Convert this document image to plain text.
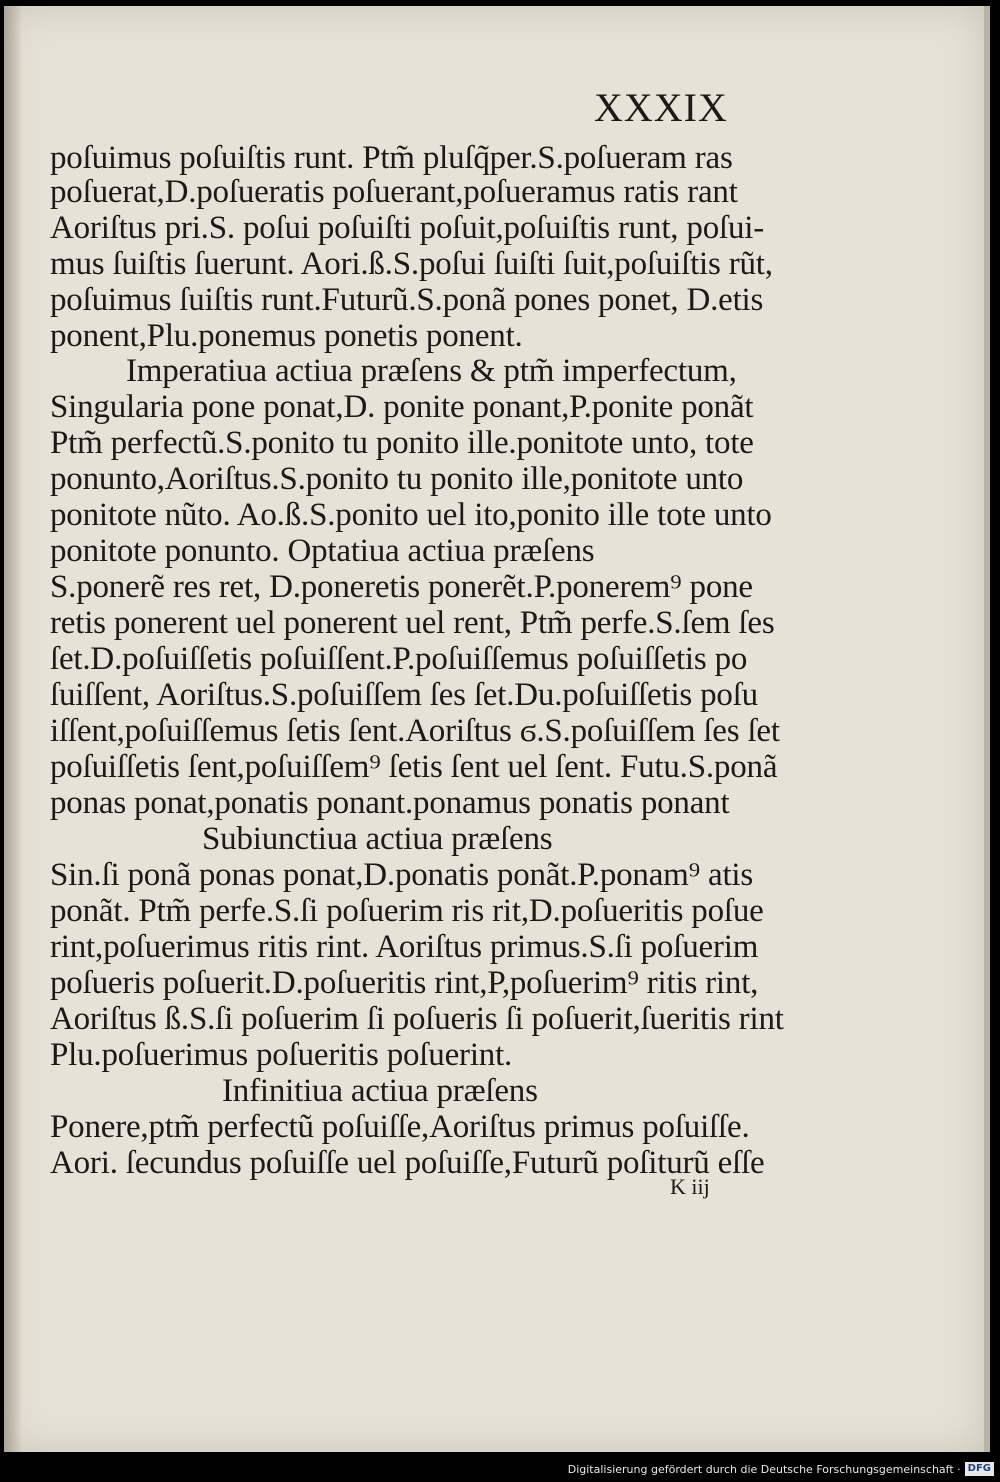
XXXIX
poſuimus poſuiſtis runt. Ptm̃ pluſq̃per.S.poſueram ras
poſuerat,D.poſueratis poſuerant,poſueramus ratis rant
Aoriſtus pri.S. poſui poſuiſti poſuit,poſuiſtis runt, poſui-
mus ſuiſtis ſuerunt. Aori.ß.S.poſui ſuiſti ſuit,poſuiſtis rũt,
poſuimus ſuiſtis runt.Futurũ.S.ponã pones ponet, D.etis
ponent,Plu.ponemus ponetis ponent.
Imperatiua actiua præſens & ptm̃ imperfectum,
Singularia pone ponat,D. ponite ponant,P.ponite ponãt
Ptm̃ perfectũ.S.ponito tu ponito ille.ponitote unto, tote
ponunto,Aoriſtus.S.ponito tu ponito ille,ponitote unto
ponitote nũto. Ao.ß.S.ponito uel ito,ponito ille tote unto
ponitote ponunto. Optatiua actiua præſens
S.ponerẽ res ret, D.poneretis ponerẽt.P.ponerem⁹ pone
retis ponerent uel ponerent uel rent, Ptm̃ perfe.S.ſem ſes
ſet.D.poſuiſſetis poſuiſſent.P.poſuiſſemus poſuiſſetis po
ſuiſſent, Aoriſtus.S.poſuiſſem ſes ſet.Du.poſuiſſetis poſu
iſſent,poſuiſſemus ſetis ſent.Aoriſtus ϭ.S.poſuiſſem ſes ſet
poſuiſſetis ſent,poſuiſſem⁹ ſetis ſent uel ſent. Futu.S.ponã
ponas ponat,ponatis ponant.ponamus ponatis ponant
Subiunctiua actiua præſens
Sin.ſi ponã ponas ponat,D.ponatis ponãt.P.ponam⁹ atis
ponãt. Ptm̃ perfe.S.ſi poſuerim ris rit,D.poſueritis poſue
rint,poſuerimus ritis rint. Aoriſtus primus.S.ſi poſuerim
poſueris poſuerit.D.poſueritis rint,P,poſuerim⁹ ritis rint,
Aoriſtus ß.S.ſi poſuerim ſi poſueris ſi poſuerit,ſueritis rint
Plu.poſuerimus poſueritis poſuerint.
Infinitiua actiua præſens
Ponere,ptm̃ perfectũ poſuiſſe,Aoriſtus primus poſuiſſe.
Aori. ſecundus poſuiſſe uel poſuiſſe,Futurũ poſiturũ eſſe
K iij
Digitalisierung gefördert durch die Deutsche Forschungsgemeinschaft · DFG
